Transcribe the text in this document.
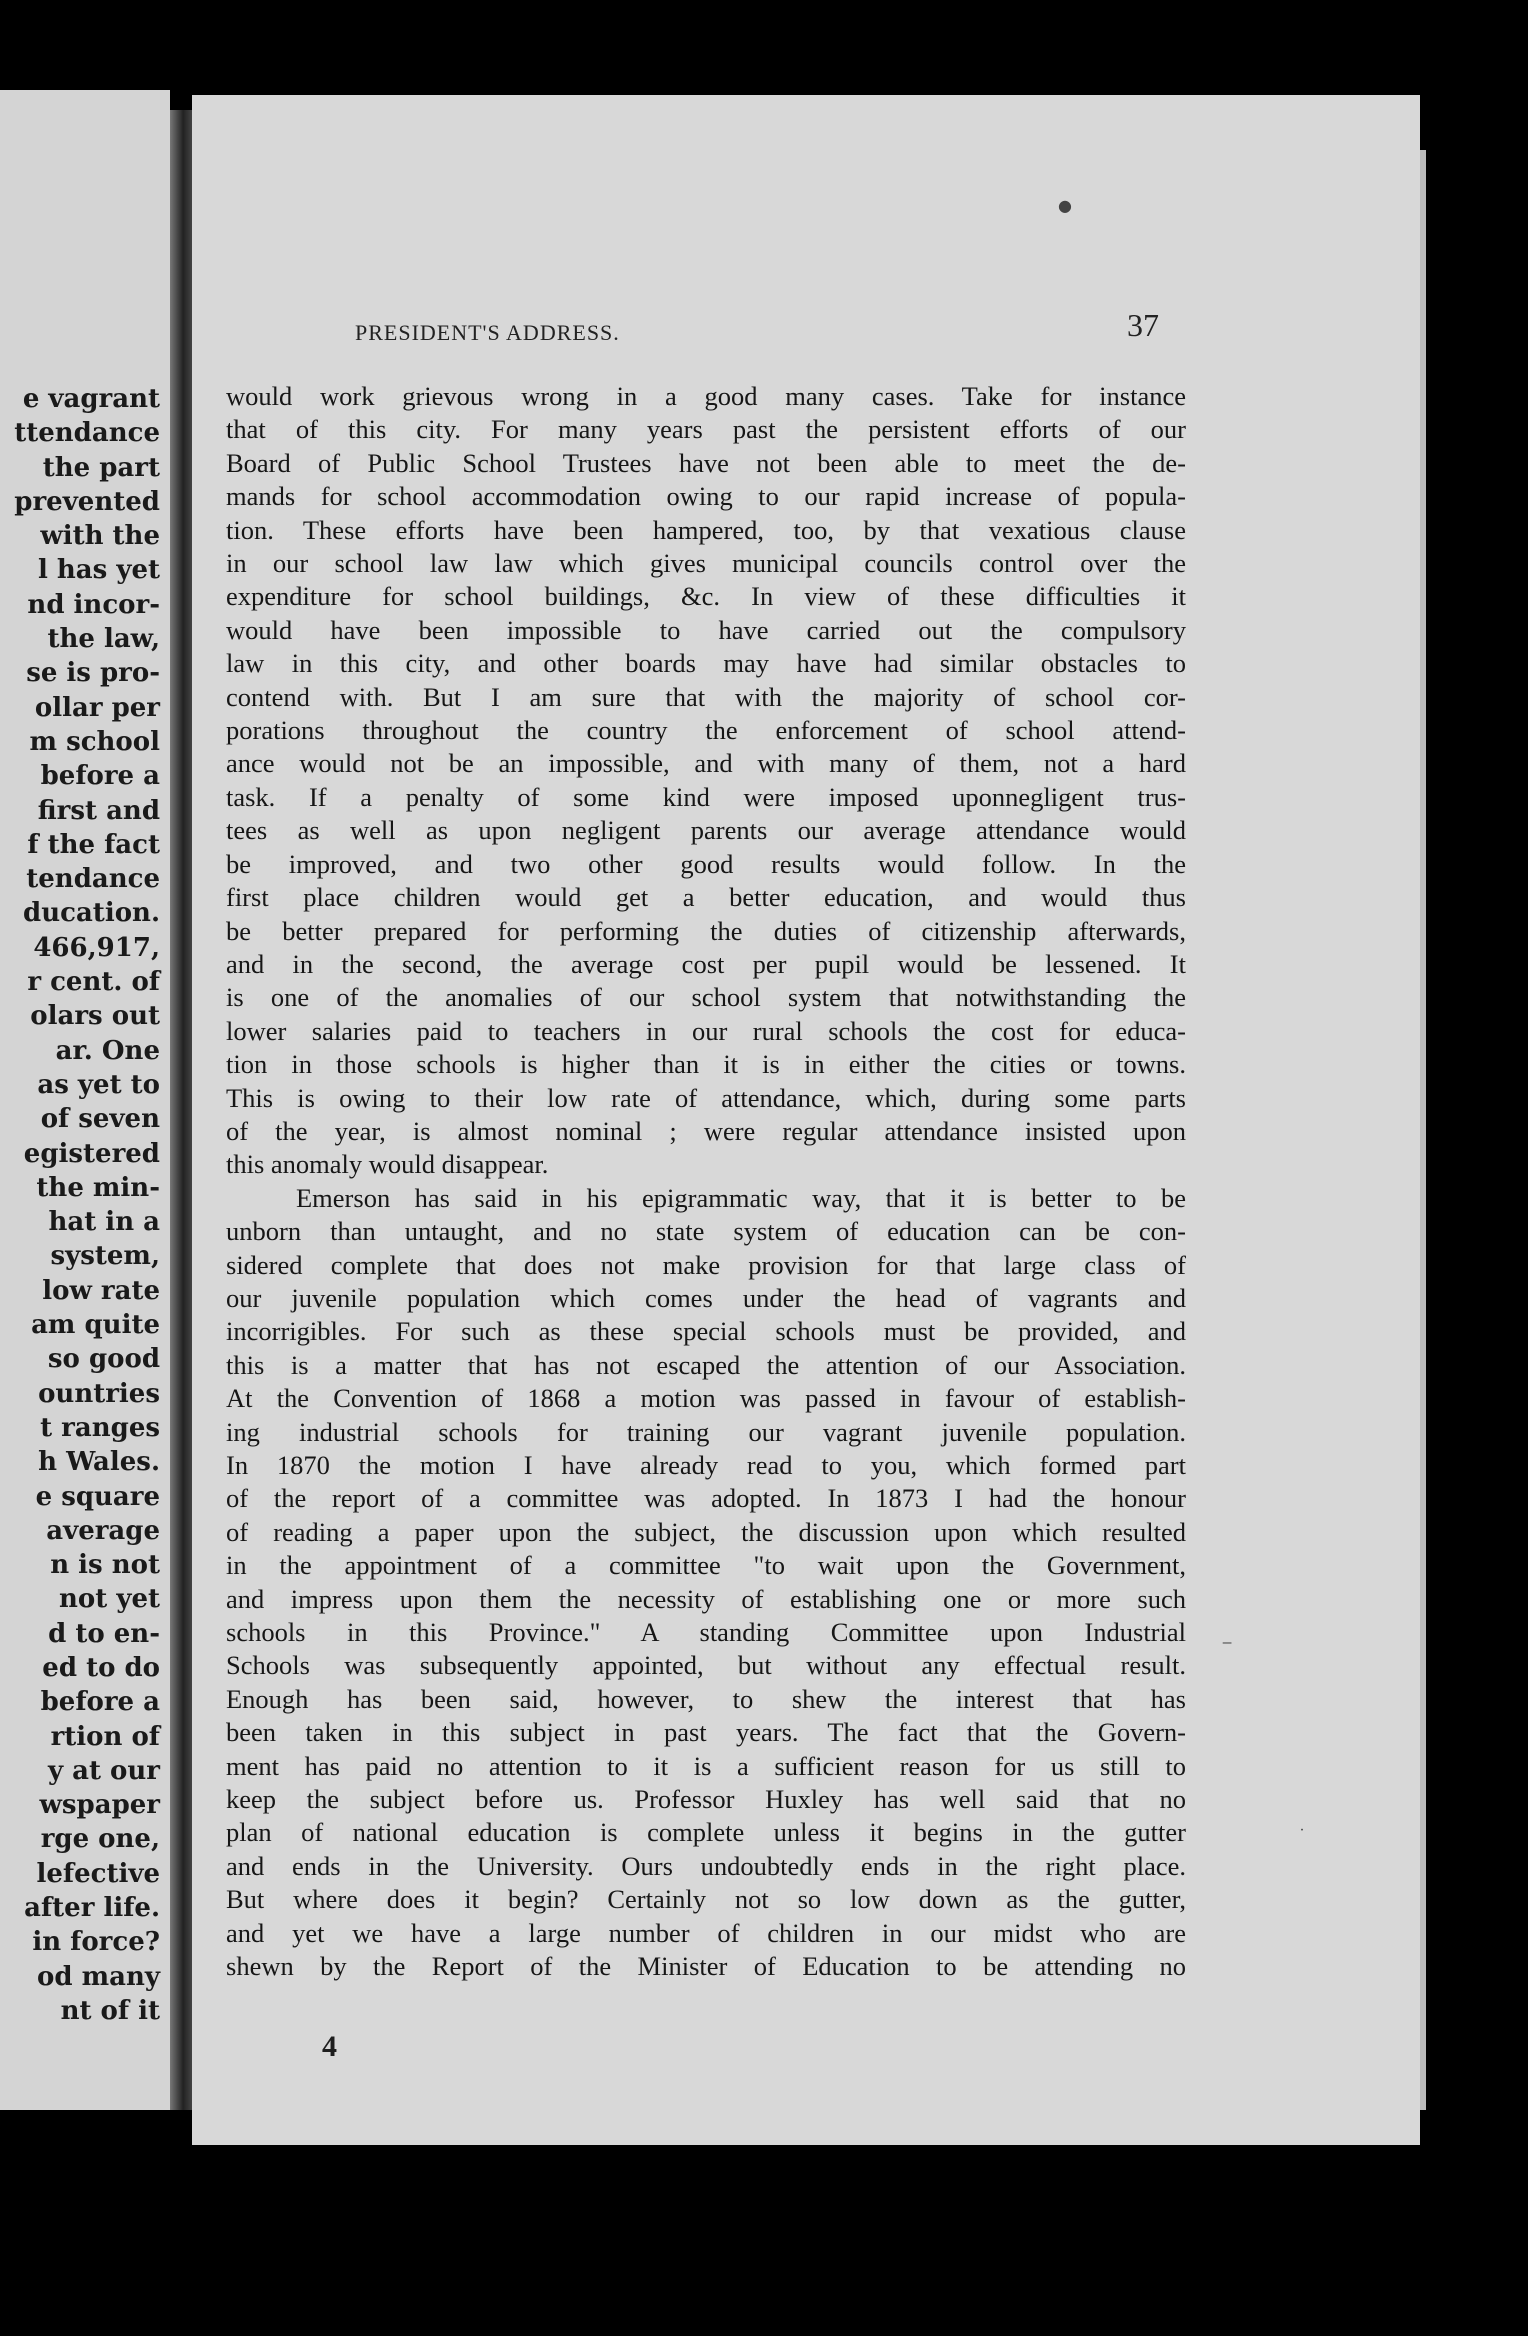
e vagrant
ttendance
the part
prevented
with the
l has yet
nd incor-
the law,
se is pro-
ollar per
m school
before a
first and
f the fact
tendance
ducation.
466,917,
r cent. of
olars out
ar. One
as yet to
of seven
egistered
the min-
hat in a
system,
low rate
am quite
so good
ountries
t ranges
h Wales.
e square
average
n is not
not yet
d to en-
ed to do
before a
rtion of
y at our
wspaper
rge one,
lefective
after life.
in force?
od many
nt of it
PRESIDENT'S ADDRESS.	37
would work grievous wrong in a good many cases. Take for instance
that of this city. For many years past the persistent efforts of our
Board of Public School Trustees have not been able to meet the de-
mands for school accommodation owing to our rapid increase of popula-
tion. These efforts have been hampered, too, by that vexatious clause
in our school law law which gives municipal councils control over the
expenditure for school buildings, &c. In view of these difficulties it
would have been impossible to have carried out the compulsory
law in this city, and other boards may have had similar obstacles to
contend with. But I am sure that with the majority of school cor-
porations throughout the country the enforcement of school attend-
ance would not be an impossible, and with many of them, not a hard
task. If a penalty of some kind were imposed uponnegligent trus-
tees as well as upon negligent parents our average attendance would
be improved, and two other good results would follow. In the
first place children would get a better education, and would thus
be better prepared for performing the duties of citizenship afterwards,
and in the second, the average cost per pupil would be lessened. It
is one of the anomalies of our school system that notwithstanding the
lower salaries paid to teachers in our rural schools the cost for educa-
tion in those schools is higher than it is in either the cities or towns.
This is owing to their low rate of attendance, which, during some parts
of the year, is almost nominal ; were regular attendance insisted upon
this anomaly would disappear.
Emerson has said in his epigrammatic way, that it is better to be
unborn than untaught, and no state system of education can be con-
sidered complete that does not make provision for that large class of
our juvenile population which comes under the head of vagrants and
incorrigibles. For such as these special schools must be provided, and
this is a matter that has not escaped the attention of our Association.
At the Convention of 1868 a motion was passed in favour of establish-
ing industrial schools for training our vagrant juvenile population.
In 1870 the motion I have already read to you, which formed part
of the report of a committee was adopted. In 1873 I had the honour
of reading a paper upon the subject, the discussion upon which resulted
in the appointment of a committee "to wait upon the Government,
and impress upon them the necessity of establishing one or more such
schools in this Province." A standing Committee upon Industrial
Schools was subsequently appointed, but without any effectual result.
Enough has been said, however, to shew the interest that has
been taken in this subject in past years. The fact that the Govern-
ment has paid no attention to it is a sufficient reason for us still to
keep the subject before us. Professor Huxley has well said that no
plan of national education is complete unless it begins in the gutter
and ends in the University. Ours undoubtedly ends in the right place.
But where does it begin? Certainly not so low down as the gutter,
and yet we have a large number of children in our midst who are
shewn by the Report of the Minister of Education to be attending no
4
●
‒
˙
